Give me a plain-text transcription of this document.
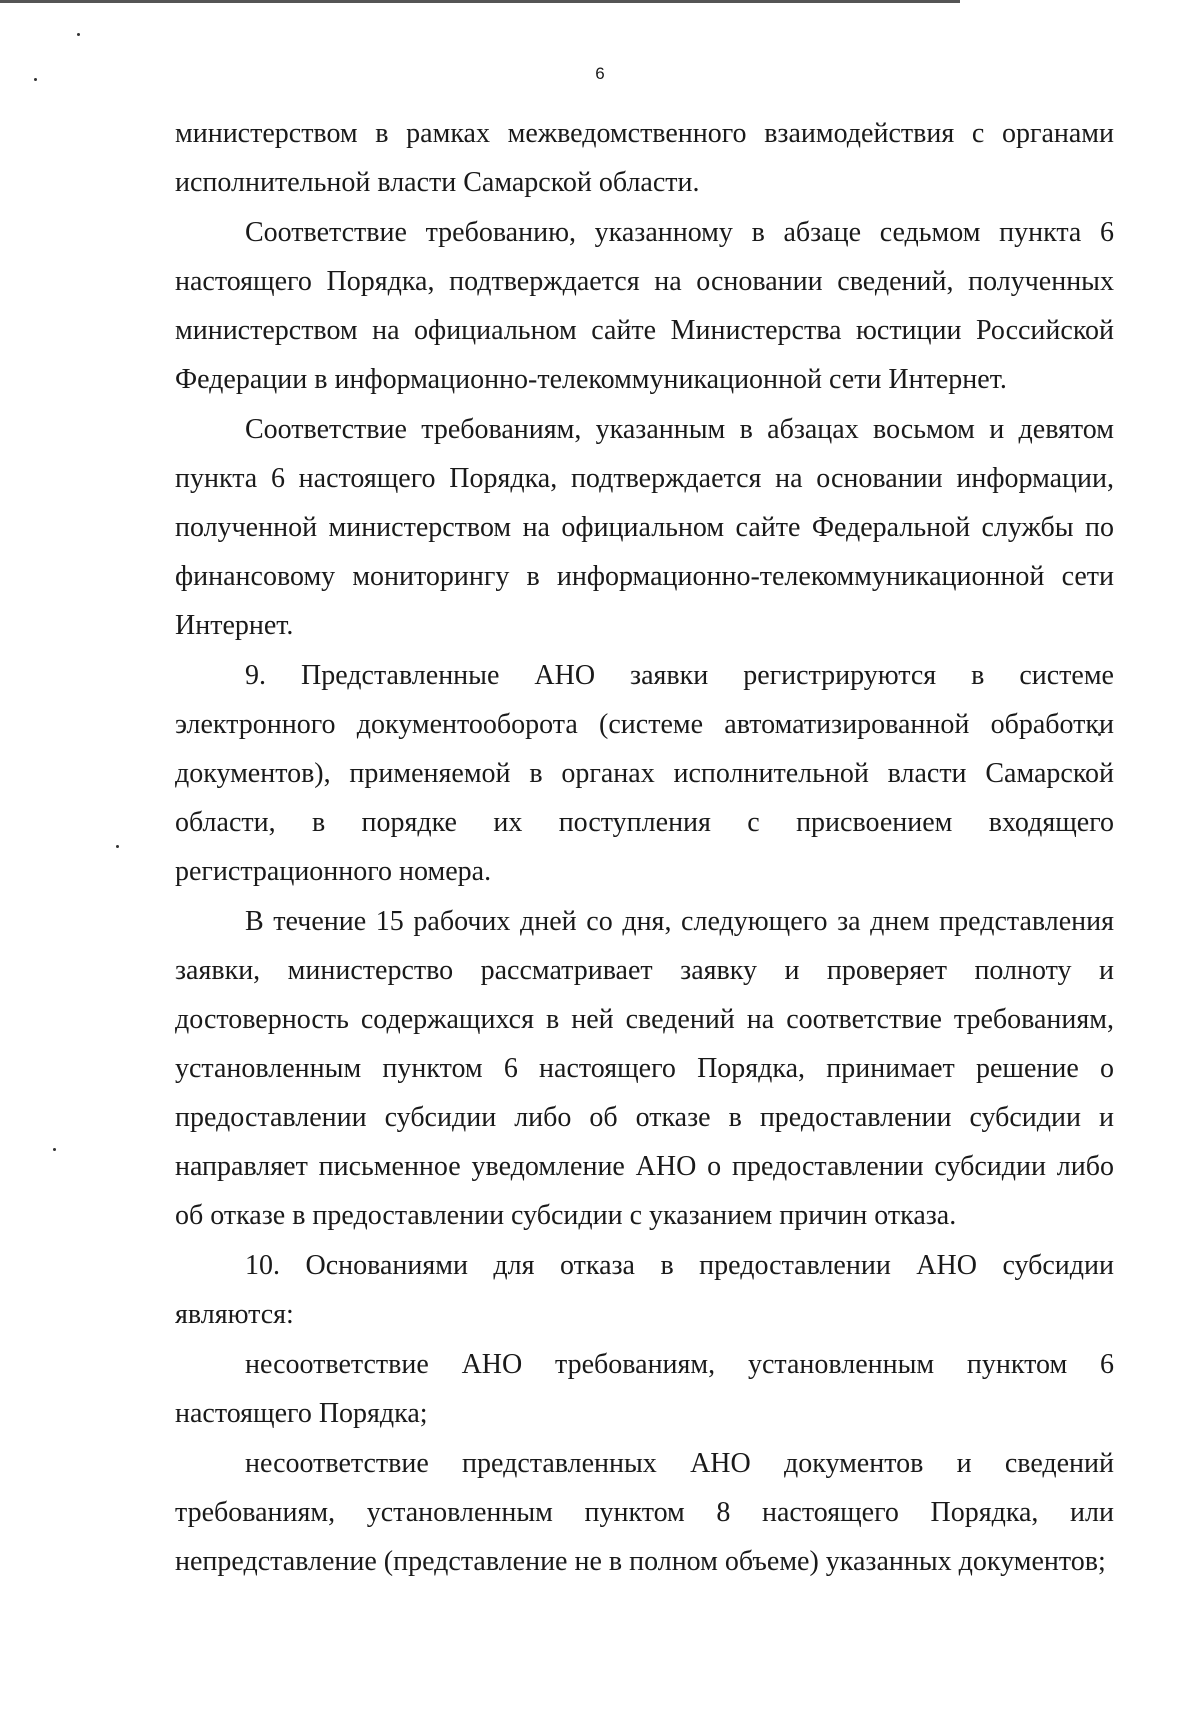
6
министерством в рамках межведомственного взаимодействия с органами
исполнительной власти Самарской области.
Соответствие требованию, указанному в абзаце седьмом пункта 6
настоящего Порядка, подтверждается на основании сведений, полученных
министерством на официальном сайте Министерства юстиции Российской
Федерации в информационно-телекоммуникационной сети Интернет.
Соответствие требованиям, указанным в абзацах восьмом и девятом
пункта 6 настоящего Порядка, подтверждается на основании информации,
полученной министерством на официальном сайте Федеральной службы по
финансовому мониторингу в информационно-телекоммуникационной сети
Интернет.
9. Представленные АНО заявки регистрируются в системе
электронного документооборота (системе автоматизированной обработки
документов), применяемой в органах исполнительной власти Самарской
области, в порядке их поступления с присвоением входящего
регистрационного номера.
В течение 15 рабочих дней со дня, следующего за днем представления
заявки, министерство рассматривает заявку и проверяет полноту и
достоверность содержащихся в ней сведений на соответствие требованиям,
установленным пунктом 6 настоящего Порядка, принимает решение о
предоставлении субсидии либо об отказе в предоставлении субсидии и
направляет письменное уведомление АНО о предоставлении субсидии либо
об отказе в предоставлении субсидии с указанием причин отказа.
10. Основаниями для отказа в предоставлении АНО субсидии
являются:
несоответствие АНО требованиям, установленным пунктом 6
настоящего Порядка;
несоответствие представленных АНО документов и сведений
требованиям, установленным пунктом 8 настоящего Порядка, или
непредставление (представление не в полном объеме) указанных документов;
